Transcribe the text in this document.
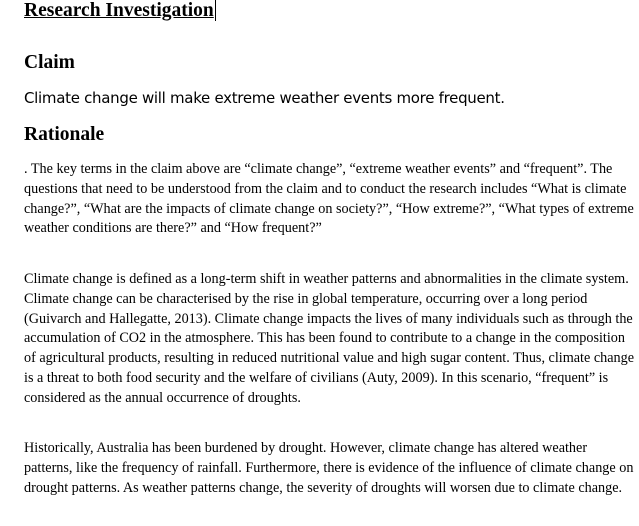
Research Investigation
Claim
Climate change will make extreme weather events more frequent.
Rationale
. The key terms in the claim above are “climate change”, “extreme weather events” and “frequent”. The questions that need to be understood from the claim and to conduct the research includes “What is climate change?”, “What are the impacts of climate change on society?”, “How extreme?”, “What types of extreme weather conditions are there?” and “How frequent?”
Climate change is defined as a long-term shift in weather patterns and abnormalities in the climate system. Climate change can be characterised by the rise in global temperature, occurring over a long period (Guivarch and Hallegatte, 2013). Climate change impacts the lives of many individuals such as through the accumulation of CO2 in the atmosphere. This has been found to contribute to a change in the composition of agricultural products, resulting in reduced nutritional value and high sugar content. Thus, climate change is a threat to both food security and the welfare of civilians (Auty, 2009). In this scenario, “frequent” is considered as the annual occurrence of droughts.
Historically, Australia has been burdened by drought. However, climate change has altered weather patterns, like the frequency of rainfall. Furthermore, there is evidence of the influence of climate change on drought patterns. As weather patterns change, the severity of droughts will worsen due to climate change.
